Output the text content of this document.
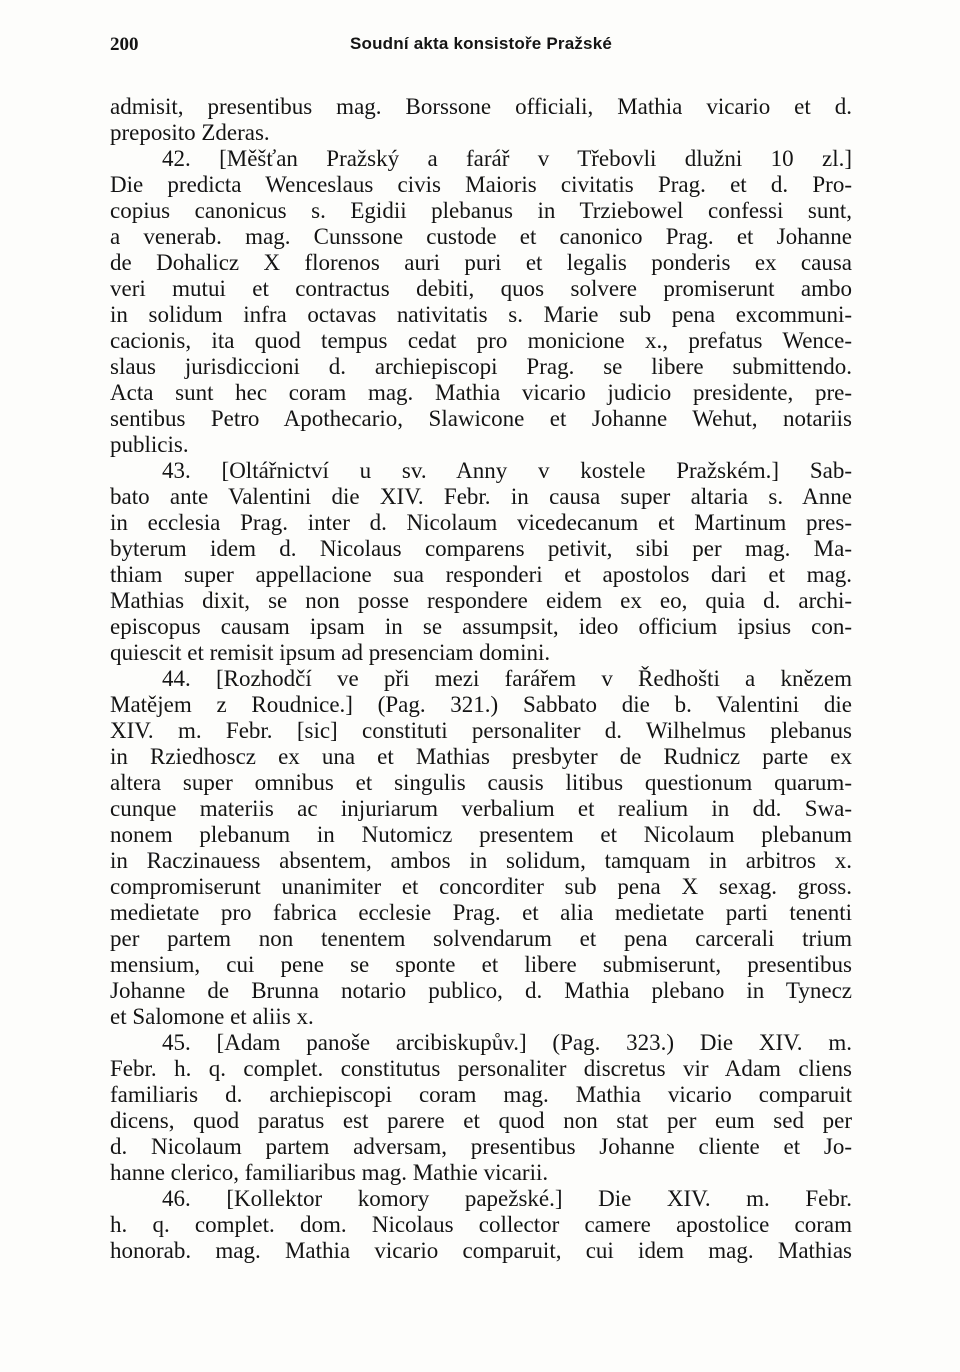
200	Soudní akta konsistoře Pražské
admisit, presentibus mag. Borssone officiali, Mathia vicario et d.
preposito Zderas.
42. [Měšťan Pražský a farář v Třebovli dlužni 10 zl.]
Die predicta Wenceslaus civis Maioris civitatis Prag. et d. Pro-
copius canonicus s. Egidii plebanus in Trziebowel confessi sunt,
a venerab. mag. Cunssone custode et canonico Prag. et Johanne
de Dohalicz X florenos auri puri et legalis ponderis ex causa
veri mutui et contractus debiti, quos solvere promiserunt ambo
in solidum infra octavas nativitatis s. Marie sub pena excommuni-
cacionis, ita quod tempus cedat pro monicione x., prefatus Wence-
slaus jurisdiccioni d. archiepiscopi Prag. se libere submittendo.
Acta sunt hec coram mag. Mathia vicario judicio presidente, pre-
sentibus Petro Apothecario, Slawicone et Johanne Wehut, notariis
publicis.
43. [Oltářnictví u sv. Anny v kostele Pražském.] Sab-
bato ante Valentini die XIV. Febr. in causa super altaria s. Anne
in ecclesia Prag. inter d. Nicolaum vicedecanum et Martinum pres-
byterum idem d. Nicolaus comparens petivit, sibi per mag. Ma-
thiam super appellacione sua responderi et apostolos dari et mag.
Mathias dixit, se non posse respondere eidem ex eo, quia d. archi-
episcopus causam ipsam in se assumpsit, ideo officium ipsius con-
quiescit et remisit ipsum ad presenciam domini.
44. [Rozhodčí ve při mezi farářem v Ředhošti a knězem
Matějem z Roudnice.] (Pag. 321.) Sabbato die b. Valentini die
XIV. m. Febr. [sic] constituti personaliter d. Wilhelmus plebanus
in Rziedhoscz ex una et Mathias presbyter de Rudnicz parte ex
altera super omnibus et singulis causis litibus questionum quarum-
cunque materiis ac injuriarum verbalium et realium in dd. Swa-
nonem plebanum in Nutomicz presentem et Nicolaum plebanum
in Raczinauess absentem, ambos in solidum, tamquam in arbitros x.
compromiserunt unanimiter et concorditer sub pena X sexag. gross.
medietate pro fabrica ecclesie Prag. et alia medietate parti tenenti
per partem non tenentem solvendarum et pena carcerali trium
mensium, cui pene se sponte et libere submiserunt, presentibus
Johanne de Brunna notario publico, d. Mathia plebano in Tynecz
et Salomone et aliis x.
45. [Adam panoše arcibiskupův.] (Pag. 323.) Die XIV. m.
Febr. h. q. complet. constitutus personaliter discretus vir Adam cliens
familiaris d. archiepiscopi coram mag. Mathia vicario comparuit
dicens, quod paratus est parere et quod non stat per eum sed per
d. Nicolaum partem adversam, presentibus Johanne cliente et Jo-
hanne clerico, familiaribus mag. Mathie vicarii.
46. [Kollektor komory papežské.] Die XIV. m. Febr.
h. q. complet. dom. Nicolaus collector camere apostolice coram
honorab. mag. Mathia vicario comparuit, cui idem mag. Mathias
